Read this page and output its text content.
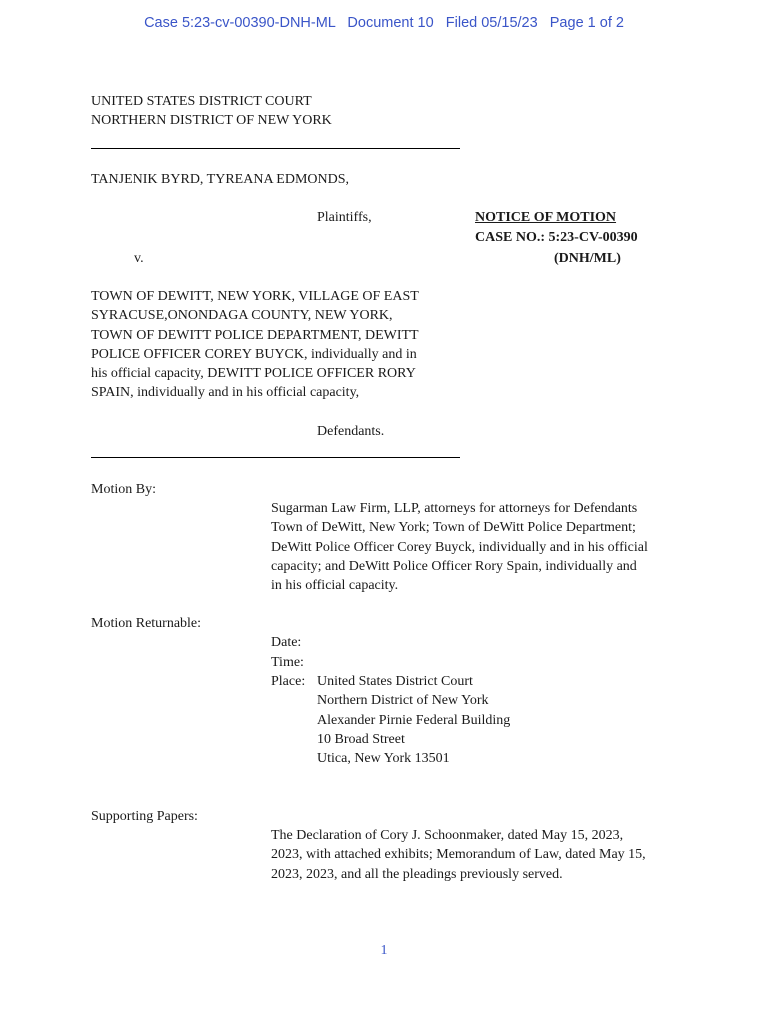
Case 5:23-cv-00390-DNH-ML Document 10 Filed 05/15/23 Page 1 of 2
UNITED STATES DISTRICT COURT
NORTHERN DISTRICT OF NEW YORK
TANJENIK BYRD, TYREANA EDMONDS,
Plaintiffs,	NOTICE OF MOTION
CASE NO.: 5:23-CV-00390
(DNH/ML)
v.
TOWN OF DEWITT, NEW YORK, VILLAGE OF EAST
SYRACUSE,ONONDAGA COUNTY, NEW YORK,
TOWN OF DEWITT POLICE DEPARTMENT, DEWITT
POLICE OFFICER COREY BUYCK, individually and in
his official capacity, DEWITT POLICE OFFICER RORY
SPAIN, individually and in his official capacity,
Defendants.
Motion By:
Sugarman Law Firm, LLP, attorneys for attorneys for Defendants
Town of DeWitt, New York; Town of DeWitt Police Department;
DeWitt Police Officer Corey Buyck, individually and in his official
capacity; and DeWitt Police Officer Rory Spain, individually and
in his official capacity.
Motion Returnable:
Date:
Time:
Place: United States District Court
Northern District of New York
Alexander Pirnie Federal Building
10 Broad Street
Utica, New York 13501
Supporting Papers:
The Declaration of Cory J. Schoonmaker, dated May 15, 2023,
2023, with attached exhibits; Memorandum of Law, dated May 15,
2023, 2023, and all the pleadings previously served.
1
